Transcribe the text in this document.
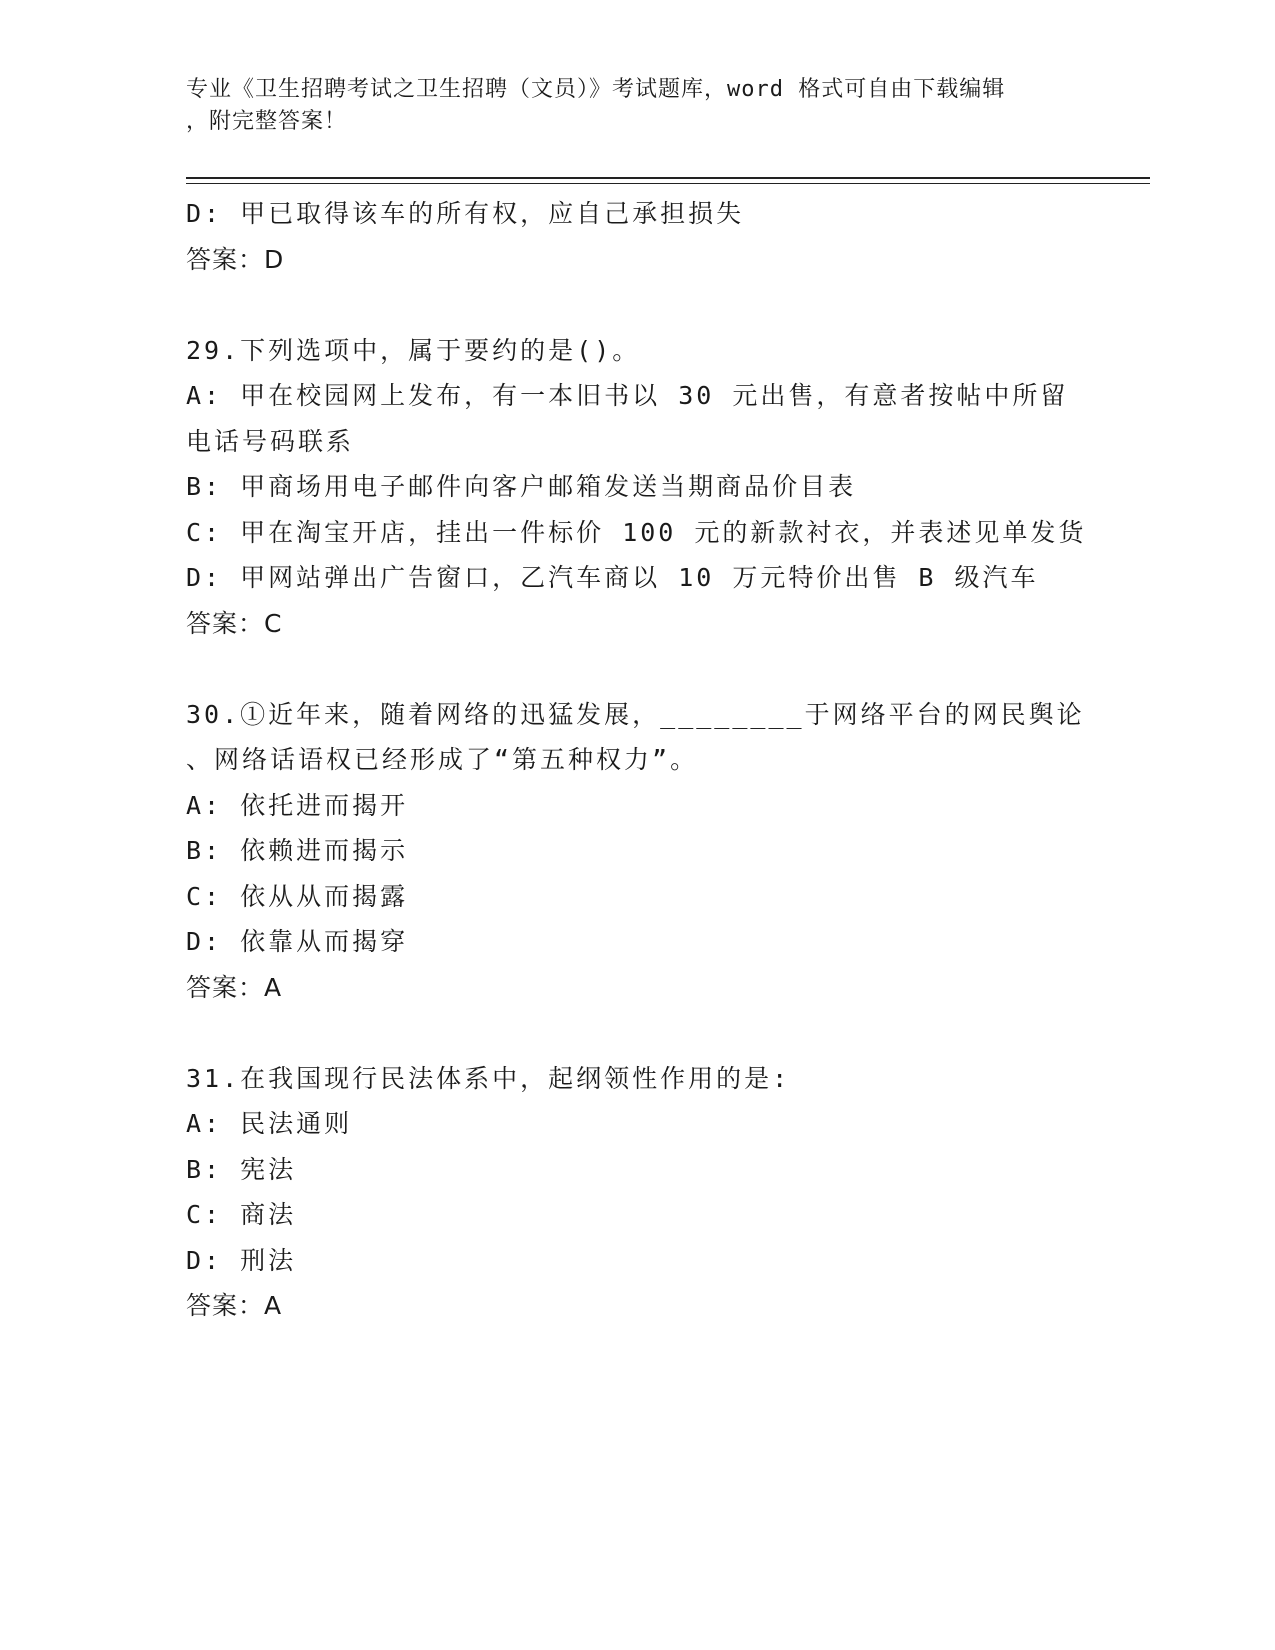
专业《卫生招聘考试之卫生招聘（文员）》考试题库，word 格式可自由下载编辑
，附完整答案！
D: 甲已取得该车的所有权，应自己承担损失
答案：D
29.下列选项中，属于要约的是()。
A: 甲在校园网上发布，有一本旧书以 30 元出售，有意者按帖中所留
电话号码联系
B: 甲商场用电子邮件向客户邮箱发送当期商品价目表
C: 甲在淘宝开店，挂出一件标价 100 元的新款衬衣，并表述见单发货
D: 甲网站弹出广告窗口，乙汽车商以 10 万元特价出售 B 级汽车
答案：C
30.①近年来，随着网络的迅猛发展，________于网络平台的网民舆论
、网络话语权已经形成了“第五种权力”。
A: 依托进而揭开
B: 依赖进而揭示
C: 依从从而揭露
D: 依靠从而揭穿
答案：A
31.在我国现行民法体系中，起纲领性作用的是:
A: 民法通则
B: 宪法
C: 商法
D: 刑法
答案：A
